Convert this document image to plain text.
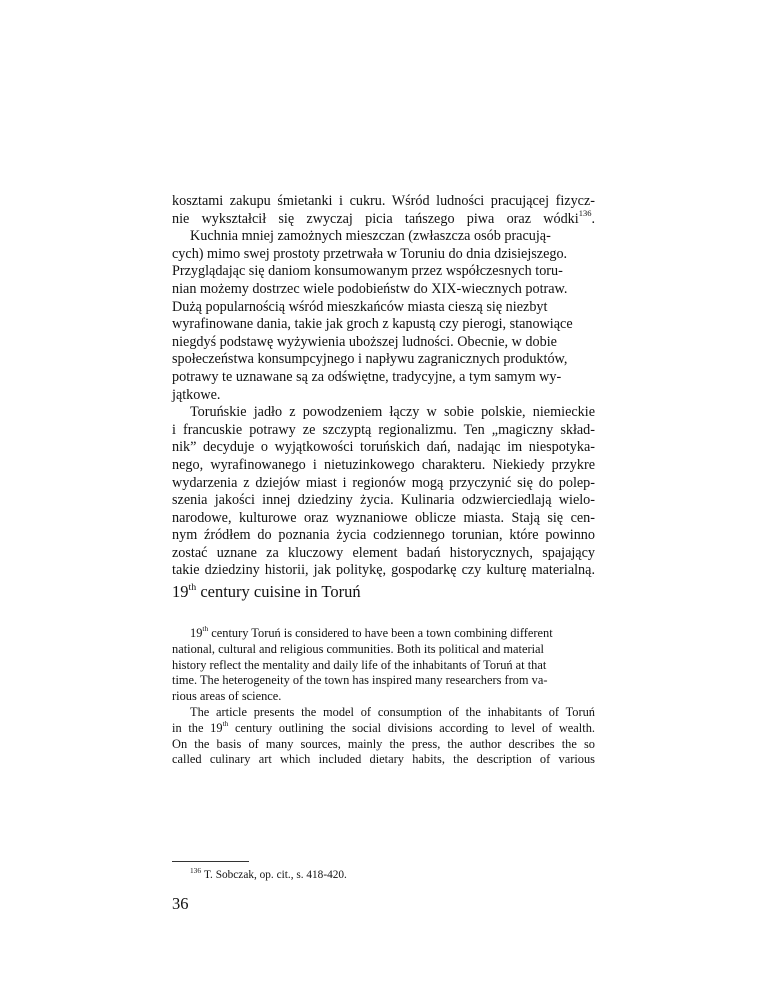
kosztami zakupu śmietanki i cukru. Wśród ludności pracującej fizycz-
nie wykształcił się zwyczaj picia tańszego piwa oraz wódki$^{136}$.

Kuchnia mniej zamożnych mieszczan (zwłaszcza osób pracują-
cych) mimo swej prostoty przetrwała w Toruniu do dnia dzisiejszego.
Przyglądając się daniom konsumowanym przez współczesnych toru-
nian możemy dostrzec wiele podobieństw do XIX-wiecznych potraw.
Dużą popularnością wśród mieszkańców miasta cieszą się niezbyt
wyrafinowane dania, takie jak groch z kapustą czy pierogi, stanowiące
niegdyś podstawę wyżywienia uboższej ludności. Obecnie, w dobie
społeczeństwa konsumpcyjnego i napływu zagranicznych produktów,
potrawy te uznawane są za odświętne, tradycyjne, a tym samym wy-
jątkowe.

Toruńskie jadło z powodzeniem łączy w sobie polskie, niemieckie
i francuskie potrawy ze szczyptą regionalizmu. Ten „magiczny skład-
nik” decyduje o wyjątkowości toruńskich dań, nadając im niespotyka-
nego, wyrafinowanego i nietuzinkowego charakteru. Niekiedy przykre
wydarzenia z dziejów miast i regionów mogą przyczynić się do polep-
szenia jakości innej dziedziny życia. Kulinaria odzwierciedlają wielo-
narodowe, kulturowe oraz wyznaniowe oblicze miasta. Stają się cen-
nym źródłem do poznania życia codziennego torunian, które powinno
zostać uznane za kluczowy element badań historycznych, spajający
takie dziedziny historii, jak politykę, gospodarkę czy kulturę materialną.

19th century cuisine in Toruń

19th century Toruń is considered to have been a town combining different
national, cultural and religious communities. Both its political and material
history reflect the mentality and daily life of the inhabitants of Toruń at that
time. The heterogeneity of the town has inspired many researchers from va-
rious areas of science.

The article presents the model of consumption of the inhabitants of Toruń
in the 19th century outlining the social divisions according to level of wealth.
On the basis of many sources, mainly the press, the author describes the so
called culinary art which included dietary habits, the description of various

$^{136}$ T. Sobczak, op. cit., s. 418-420.
36
